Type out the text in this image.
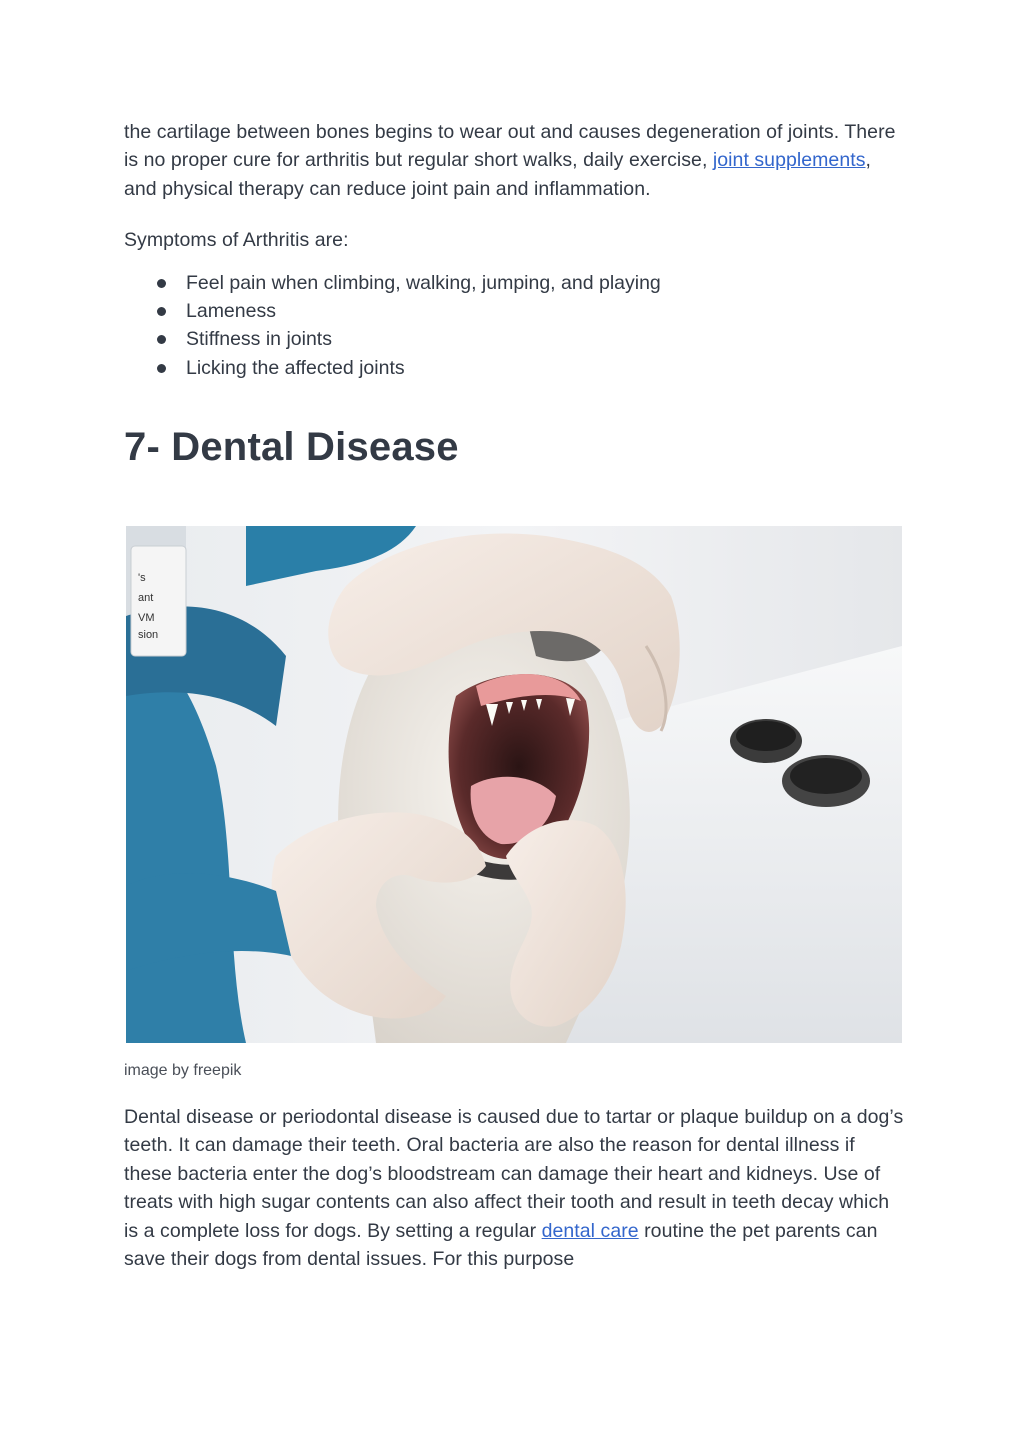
the cartilage between bones begins to wear out and causes degeneration of joints. There is no proper cure for arthritis but regular short walks, daily exercise, joint supplements, and physical therapy can reduce joint pain and inflammation.

Symptoms of Arthritis are:

Feel pain when climbing, walking, jumping, and playing
Lameness
Stiffness in joints
Licking the affected joints
7- Dental Disease
's
ant
VM
sion
image by freepik

Dental disease or periodontal disease is caused due to tartar or plaque buildup on a dog’s teeth. It can damage their teeth. Oral bacteria are also the reason for dental illness if these bacteria enter the dog’s bloodstream can damage their heart and kidneys. Use of treats with high sugar contents can also affect their tooth and result in teeth decay which is a complete loss for dogs. By setting a regular dental care routine the pet parents can save their dogs from dental issues. For this purpose
